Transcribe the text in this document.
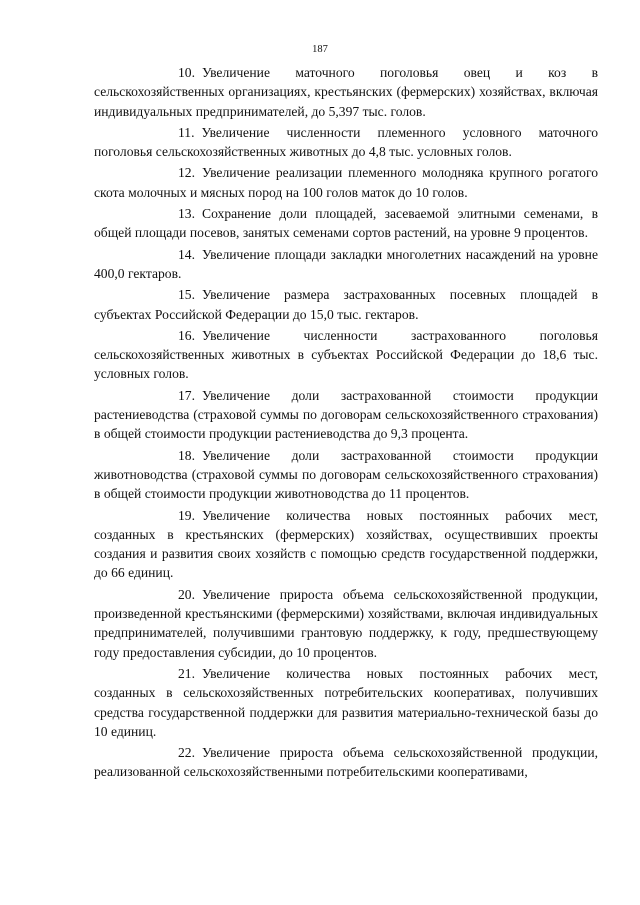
187

10. Увеличение маточного поголовья овец и коз в сельскохозяйственных организациях, крестьянских (фермерских) хозяйствах, включая индивидуальных предпринимателей, до 5,397 тыс. голов.

11. Увеличение численности племенного условного маточного поголовья сельскохозяйственных животных до 4,8 тыс. условных голов.

12. Увеличение реализации племенного молодняка крупного рогатого скота молочных и мясных пород на 100 голов маток до 10 голов.

13. Сохранение доли площадей, засеваемой элитными семенами, в общей площади посевов, занятых семенами сортов растений, на уровне 9 процентов.

14. Увеличение площади закладки многолетних насаждений на уровне 400,0 гектаров.

15. Увеличение размера застрахованных посевных площадей в субъектах Российской Федерации до 15,0 тыс. гектаров.

16. Увеличение численности застрахованного поголовья сельскохозяйственных животных в субъектах Российской Федерации до 18,6 тыс. условных голов.

17. Увеличение доли застрахованной стоимости продукции растениеводства (страховой суммы по договорам сельскохозяйственного страхования) в общей стоимости продукции растениеводства до 9,3 процента.

18. Увеличение доли застрахованной стоимости продукции животноводства (страховой суммы по договорам сельскохозяйственного страхования) в общей стоимости продукции животноводства до 11 процентов.

19. Увеличение количества новых постоянных рабочих мест, созданных в крестьянских (фермерских) хозяйствах, осуществивших проекты создания и развития своих хозяйств с помощью средств государственной поддержки, до 66 единиц.

20. Увеличение прироста объема сельскохозяйственной продукции, произведенной крестьянскими (фермерскими) хозяйствами, включая индивидуальных предпринимателей, получившими грантовую поддержку, к году, предшествующему году предоставления субсидии, до 10 процентов.

21. Увеличение количества новых постоянных рабочих мест, созданных в сельскохозяйственных потребительских кооперативах, получивших средства государственной поддержки для развития материально-технической базы до 10 единиц.

22. Увеличение прироста объема сельскохозяйственной продукции, реализованной сельскохозяйственными потребительскими кооперативами,
